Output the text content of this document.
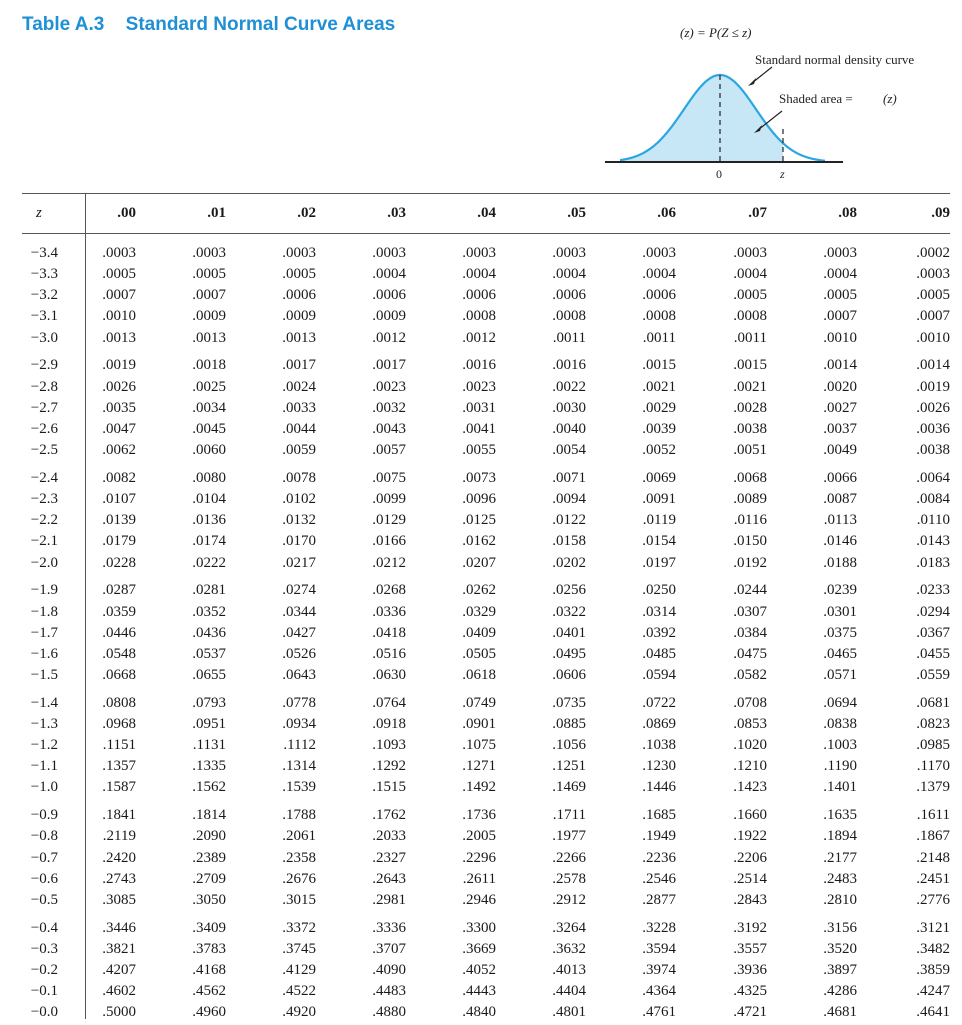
Table A.3 Standard Normal Curve Areas	(z) = P(Z ≤ z)
Standard normal density curve
Shaded area = (z)
0	z
z	.00	.01	.02	.03	.04	.05	.06	.07	.08	.09
−3.4	.0003	.0003	.0003	.0003	.0003	.0003	.0003	.0003	.0003	.0002
−3.3	.0005	.0005	.0005	.0004	.0004	.0004	.0004	.0004	.0004	.0003
−3.2	.0007	.0007	.0006	.0006	.0006	.0006	.0006	.0005	.0005	.0005
−3.1	.0010	.0009	.0009	.0009	.0008	.0008	.0008	.0008	.0007	.0007
−3.0	.0013	.0013	.0013	.0012	.0012	.0011	.0011	.0011	.0010	.0010
−2.9	.0019	.0018	.0017	.0017	.0016	.0016	.0015	.0015	.0014	.0014
−2.8	.0026	.0025	.0024	.0023	.0023	.0022	.0021	.0021	.0020	.0019
−2.7	.0035	.0034	.0033	.0032	.0031	.0030	.0029	.0028	.0027	.0026
−2.6	.0047	.0045	.0044	.0043	.0041	.0040	.0039	.0038	.0037	.0036
−2.5	.0062	.0060	.0059	.0057	.0055	.0054	.0052	.0051	.0049	.0038
−2.4	.0082	.0080	.0078	.0075	.0073	.0071	.0069	.0068	.0066	.0064
−2.3	.0107	.0104	.0102	.0099	.0096	.0094	.0091	.0089	.0087	.0084
−2.2	.0139	.0136	.0132	.0129	.0125	.0122	.0119	.0116	.0113	.0110
−2.1	.0179	.0174	.0170	.0166	.0162	.0158	.0154	.0150	.0146	.0143
−2.0	.0228	.0222	.0217	.0212	.0207	.0202	.0197	.0192	.0188	.0183
−1.9	.0287	.0281	.0274	.0268	.0262	.0256	.0250	.0244	.0239	.0233
−1.8	.0359	.0352	.0344	.0336	.0329	.0322	.0314	.0307	.0301	.0294
−1.7	.0446	.0436	.0427	.0418	.0409	.0401	.0392	.0384	.0375	.0367
−1.6	.0548	.0537	.0526	.0516	.0505	.0495	.0485	.0475	.0465	.0455
−1.5	.0668	.0655	.0643	.0630	.0618	.0606	.0594	.0582	.0571	.0559
−1.4	.0808	.0793	.0778	.0764	.0749	.0735	.0722	.0708	.0694	.0681
−1.3	.0968	.0951	.0934	.0918	.0901	.0885	.0869	.0853	.0838	.0823
−1.2	.1151	.1131	.1112	.1093	.1075	.1056	.1038	.1020	.1003	.0985
−1.1	.1357	.1335	.1314	.1292	.1271	.1251	.1230	.1210	.1190	.1170
−1.0	.1587	.1562	.1539	.1515	.1492	.1469	.1446	.1423	.1401	.1379
−0.9	.1841	.1814	.1788	.1762	.1736	.1711	.1685	.1660	.1635	.1611
−0.8	.2119	.2090	.2061	.2033	.2005	.1977	.1949	.1922	.1894	.1867
−0.7	.2420	.2389	.2358	.2327	.2296	.2266	.2236	.2206	.2177	.2148
−0.6	.2743	.2709	.2676	.2643	.2611	.2578	.2546	.2514	.2483	.2451
−0.5	.3085	.3050	.3015	.2981	.2946	.2912	.2877	.2843	.2810	.2776
−0.4	.3446	.3409	.3372	.3336	.3300	.3264	.3228	.3192	.3156	.3121
−0.3	.3821	.3783	.3745	.3707	.3669	.3632	.3594	.3557	.3520	.3482
−0.2	.4207	.4168	.4129	.4090	.4052	.4013	.3974	.3936	.3897	.3859
−0.1	.4602	.4562	.4522	.4483	.4443	.4404	.4364	.4325	.4286	.4247
−0.0	.5000	.4960	.4920	.4880	.4840	.4801	.4761	.4721	.4681	.4641
